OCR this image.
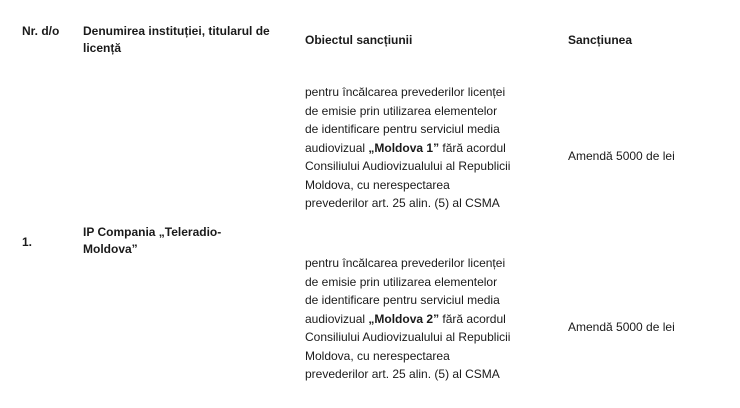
Nr. d/o	Denumirea instituției, titularul de licență
Obiectul sancțiunii	Sancțiunea
1.
IP Compania „Teleradio-Moldova”
pentru încălcarea prevederilor licenței
de emisie prin utilizarea elementelor
de identificare pentru serviciul media
audiovizual „Moldova 1” fără acordul
Consiliului Audiovizualului al Republicii
Moldova, cu nerespectarea
prevederilor art. 25 alin. (5) al CSMA
Amendă 5000 de lei
pentru încălcarea prevederilor licenței
de emisie prin utilizarea elementelor
de identificare pentru serviciul media
audiovizual „Moldova 2” fără acordul
Consiliului Audiovizualului al Republicii
Moldova, cu nerespectarea
prevederilor art. 25 alin. (5) al CSMA
Amendă 5000 de lei
